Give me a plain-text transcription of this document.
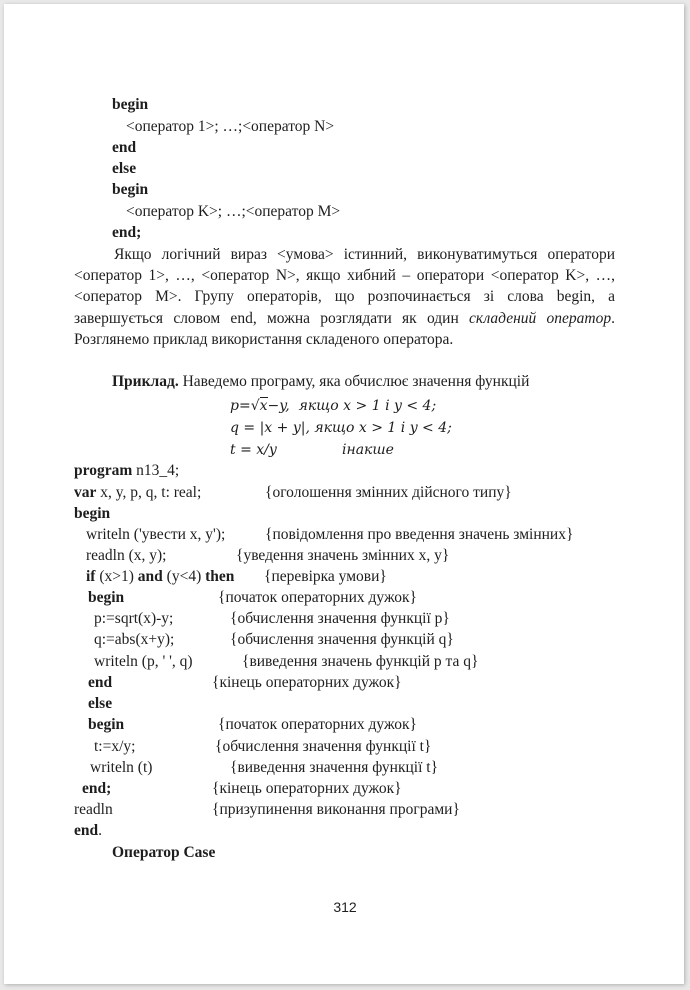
begin
<оператор 1>; …;<оператор N>
end
else
begin
<оператор K>; …;<оператор M>
end;
Якщо логічний вираз <умова> істинний, виконуватимуться оператори <оператор 1>, …, <оператор N>, якщо хибний – оператори <оператор K>, …, <оператор M>. Групу операторів, що розпочинається зі слова begin, а завершується словом end, можна розглядати як один складений оператор. Розглянемо приклад використання складеного оператора.
Приклад. Наведемо програму, яка обчислює значення функцій
p=√x−y,  якщо x > 1 і y < 4;
q = |x + y|, якщо x > 1 і y < 4;
t = x/y	інакше
program n13_4;
var x, y, p, q, t: real;	{оголошення змінних дійсного типу}
begin
writeln ('увести x, y');	{повідомлення про введення значень змінних}
readln (x, y);	{уведення значень змінних x, y}
if (x>1) and (y<4) then {перевірка умови}
begin	{початок операторних дужок}
p:=sqrt(x)-y;	{обчислення значення функції p}
q:=abs(x+y);	{обчислення значення функцій q}
writeln (p, ' ', q)	{виведення значень функцій p та q}
end	{кінець операторних дужок}
else
begin	{початок операторних дужок}
t:=x/y;	{обчислення значення функції t}
writeln (t)	{виведення значення функції t}
end;	{кінець операторних дужок}
readln	{призупинення виконання програми}
end.
Оператор Case
312
